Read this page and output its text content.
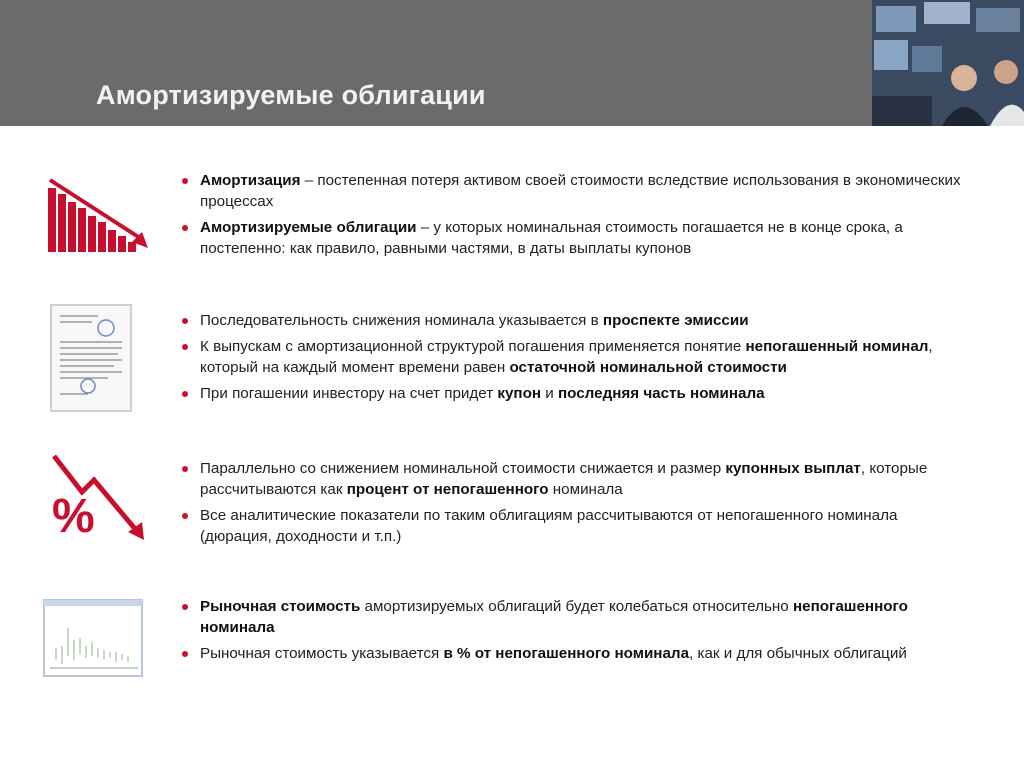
Амортизируемые облигации
Амортизация – постепенная потеря активом своей стоимости вследствие использования в экономических процессах
Амортизируемые облигации – у которых номинальная стоимость погашается не в конце срока, а постепенно: как правило, равными частями, в даты выплаты купонов
Последовательность снижения номинала указывается в проспекте эмиссии
К выпускам с амортизационной структурой погашения применяется понятие непогашенный номинал, который на каждый момент времени равен остаточной номинальной стоимости
При погашении инвестору на счет придет купон и последняя часть номинала
%
Параллельно со снижением номинальной стоимости снижается и размер купонных выплат, которые рассчитываются как процент от непогашенного номинала
Все аналитические показатели по таким облигациям рассчитываются от непогашенного номинала (дюрация, доходности и т.п.)
Рыночная стоимость амортизируемых облигаций будет колебаться относительно непогашенного номинала
Рыночная стоимость указывается в % от непогашенного номинала, как и для обычных облигаций
